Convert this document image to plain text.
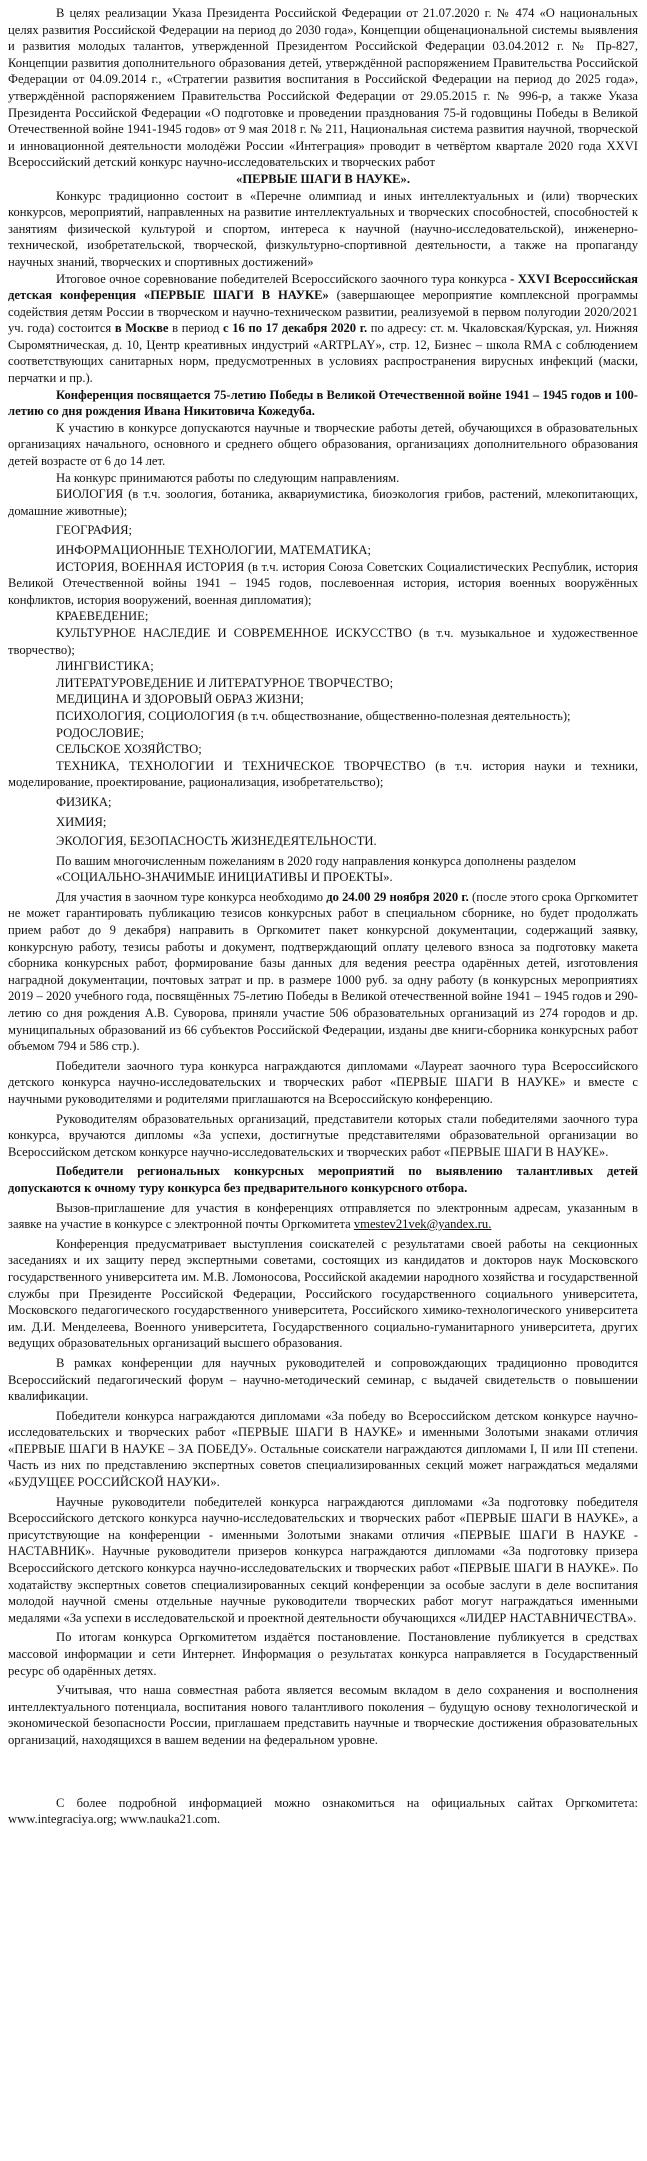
В целях реализации Указа Президента Российской Федерации от 21.07.2020 г. № 474 «О национальных целях развития Российской Федерации на период до 2030 года», Концепции общенациональной системы выявления и развития молодых талантов, утвержденной Президентом Российской Федерации 03.04.2012 г. № Пр-827, Концепции развития дополнительного образования детей, утверждённой распоряжением Правительства Российской Федерации от 04.09.2014 г., «Стратегии развития воспитания в Российской Федерации на период до 2025 года», утверждённой распоряжением Правительства Российской Федерации от 29.05.2015 г. № 996-р, а также Указа Президента Российской Федерации «О подготовке и проведении празднования 75-й годовщины Победы в Великой Отечественной войне 1941-1945 годов» от 9 мая 2018 г. № 211, Национальная система развития научной, творческой и инновационной деятельности молодёжи России «Интеграция» проводит в четвёртом квартале 2020 года XXVI Всероссийский детский конкурс научно-исследовательских и творческих работ

«ПЕРВЫЕ ШАГИ В НАУКЕ».

Конкурс традиционно состоит в «Перечне олимпиад и иных интеллектуальных и (или) творческих конкурсов, мероприятий, направленных на развитие интеллектуальных и творческих способностей, способностей к занятиям физической культурой и спортом, интереса к научной (научно-исследовательской), инженерно-технической, изобретательской, творческой, физкультурно-спортивной деятельности, а также на пропаганду научных знаний, творческих и спортивных достижений»

Итоговое очное соревнование победителей Всероссийского заочного тура конкурса - XXVI Всероссийская детская конференция «ПЕРВЫЕ ШАГИ В НАУКЕ» (завершающее мероприятие комплексной программы содействия детям России в творческом и научно-техническом развитии, реализуемой в первом полугодии 2020/2021 уч. года) состоится в Москве в период с 16 по 17 декабря 2020 г. по адресу: ст. м. Чкаловская/Курская, ул. Нижняя Сыромятническая, д. 10, Центр креативных индустрий «ARTPLAY», стр. 12, Бизнес – школа RMA с соблюдением соответствующих санитарных норм, предусмотренных в условиях распространения вирусных инфекций (маски, перчатки и пр.).

Конференция посвящается 75-летию Победы в Великой Отечественной войне 1941 – 1945 годов и 100-летию со дня рождения Ивана Никитовича Кожедуба.

К участию в конкурсе допускаются научные и творческие работы детей, обучающихся в образовательных организациях начального, основного и среднего общего образования, организациях дополнительного образования детей возрасте от 6 до 14 лет.

На конкурс принимаются работы по следующим направлениям.

БИОЛОГИЯ (в т.ч. зоология, ботаника, аквариумистика, биоэкология грибов, растений, млекопитающих, домашние животные);

ГЕОГРАФИЯ;

ИНФОРМАЦИОННЫЕ ТЕХНОЛОГИИ, МАТЕМАТИКА;

ИСТОРИЯ, ВОЕННАЯ ИСТОРИЯ (в т.ч. история Союза Советских Социалистических Республик, история Великой Отечественной войны 1941 – 1945 годов, послевоенная история, история военных вооружённых конфликтов, история вооружений, военная дипломатия);

КРАЕВЕДЕНИЕ;

КУЛЬТУРНОЕ НАСЛЕДИЕ И СОВРЕМЕННОЕ ИСКУССТВО (в т.ч. музыкальное и художественное творчество);

ЛИНГВИСТИКА;

ЛИТЕРАТУРОВЕДЕНИЕ И ЛИТЕРАТУРНОЕ ТВОРЧЕСТВО;

МЕДИЦИНА И ЗДОРОВЫЙ ОБРАЗ ЖИЗНИ;

ПСИХОЛОГИЯ, СОЦИОЛОГИЯ (в т.ч. обществознание, общественно-полезная деятельность);

РОДОСЛОВИЕ;

СЕЛЬСКОЕ ХОЗЯЙСТВО;

ТЕХНИКА, ТЕХНОЛОГИИ И ТЕХНИЧЕСКОЕ ТВОРЧЕСТВО (в т.ч. история науки и техники, моделирование, проектирование, рационализация, изобретательство);

ФИЗИКА;

ХИМИЯ;

ЭКОЛОГИЯ, БЕЗОПАСНОСТЬ ЖИЗНЕДЕЯТЕЛЬНОСТИ.

По вашим многочисленным пожеланиям в 2020 году направления конкурса дополнены разделом

«СОЦИАЛЬНО-ЗНАЧИМЫЕ ИНИЦИАТИВЫ И ПРОЕКТЫ».

Для участия в заочном туре конкурса необходимо до 24.00 29 ноября 2020 г. (после этого срока Оргкомитет не может гарантировать публикацию тезисов конкурсных работ в специальном сборнике, но будет продолжать прием работ до 9 декабря) направить в Оргкомитет пакет конкурсной документации, содержащий заявку, конкурсную работу, тезисы работы и документ, подтверждающий оплату целевого взноса за подготовку макета сборника конкурсных работ, формирование базы данных для ведения реестра одарённых детей, изготовления наградной документации, почтовых затрат и пр. в размере 1000 руб. за одну работу (в конкурсных мероприятиях 2019 – 2020 учебного года, посвящённых 75-летию Победы в Великой отечественной войне 1941 – 1945 годов и 290-летию со дня рождения А.В. Суворова, приняли участие 506 образовательных организаций из 274 городов и др. муниципальных образований из 66 субъектов Российской Федерации, изданы две книги-сборника конкурсных работ объемом 794 и 586 стр.).

Победители заочного тура конкурса награждаются дипломами «Лауреат заочного тура Всероссийского детского конкурса научно-исследовательских и творческих работ «ПЕРВЫЕ ШАГИ В НАУКЕ» и вместе с научными руководителями и родителями приглашаются на Всероссийскую конференцию.

Руководителям образовательных организаций, представители которых стали победителями заочного тура конкурса, вручаются дипломы «За успехи, достигнутые представителями образовательной организации во Всероссийском детском конкурсе научно-исследовательских и творческих работ «ПЕРВЫЕ ШАГИ В НАУКЕ».

Победители региональных конкурсных мероприятий по выявлению талантливых детей допускаются к очному туру конкурса без предварительного конкурсного отбора.

Вызов-приглашение для участия в конференциях отправляется по электронным адресам, указанным в заявке на участие в конкурсе с электронной почты Оргкомитета vmestev21vek@yandex.ru.

Конференция предусматривает выступления соискателей с результатами своей работы на секционных заседаниях и их защиту перед экспертными советами, состоящих из кандидатов и докторов наук Московского государственного университета им. М.В. Ломоносова, Российской академии народного хозяйства и государственной службы при Президенте Российской Федерации, Российского государственного социального университета, Московского педагогического государственного университета, Российского химико-технологического университета им. Д.И. Менделеева, Военного университета, Государственного социально-гуманитарного университета, других ведущих образовательных организаций высшего образования.

В рамках конференции для научных руководителей и сопровождающих традиционно проводится Всероссийский педагогический форум – научно-методический семинар, с выдачей свидетельств о повышении квалификации.

Победители конкурса награждаются дипломами «За победу во Всероссийском детском конкурсе научно-исследовательских и творческих работ «ПЕРВЫЕ ШАГИ В НАУКЕ» и именными Золотыми знаками отличия «ПЕРВЫЕ ШАГИ В НАУКЕ – ЗА ПОБЕДУ». Остальные соискатели награждаются дипломами I, II или III степени. Часть из них по представлению экспертных советов специализированных секций может награждаться медалями «БУДУЩЕЕ РОССИЙСКОЙ НАУКИ».

Научные руководители победителей конкурса награждаются дипломами «За подготовку победителя Всероссийского детского конкурса научно-исследовательских и творческих работ «ПЕРВЫЕ ШАГИ В НАУКЕ», а присутствующие на конференции - именными Золотыми знаками отличия «ПЕРВЫЕ ШАГИ В НАУКЕ - НАСТАВНИК». Научные руководители призеров конкурса награждаются дипломами «За подготовку призера Всероссийского детского конкурса научно-исследовательских и творческих работ «ПЕРВЫЕ ШАГИ В НАУКЕ». По ходатайству экспертных советов специализированных секций конференции за особые заслуги в деле воспитания молодой научной смены отдельные научные руководители творческих работ могут награждаться именными медалями «За успехи в исследовательской и проектной деятельности обучающихся «ЛИДЕР НАСТАВНИЧЕСТВА».

По итогам конкурса Оргкомитетом издаётся постановление. Постановление публикуется в средствах массовой информации и сети Интернет. Информация о результатах конкурса направляется в Государственный ресурс об одарённых детях.

Учитывая, что наша совместная работа является весомым вкладом в дело сохранения и восполнения интеллектуального потенциала, воспитания нового талантливого поколения – будущую основу технологической и экономической безопасности России, приглашаем представить научные и творческие достижения образовательных организаций, находящихся в вашем ведении на федеральном уровне.

С более подробной информацией можно ознакомиться на официальных сайтах Оргкомитета: www.integraciya.org; www.nauka21.com.
